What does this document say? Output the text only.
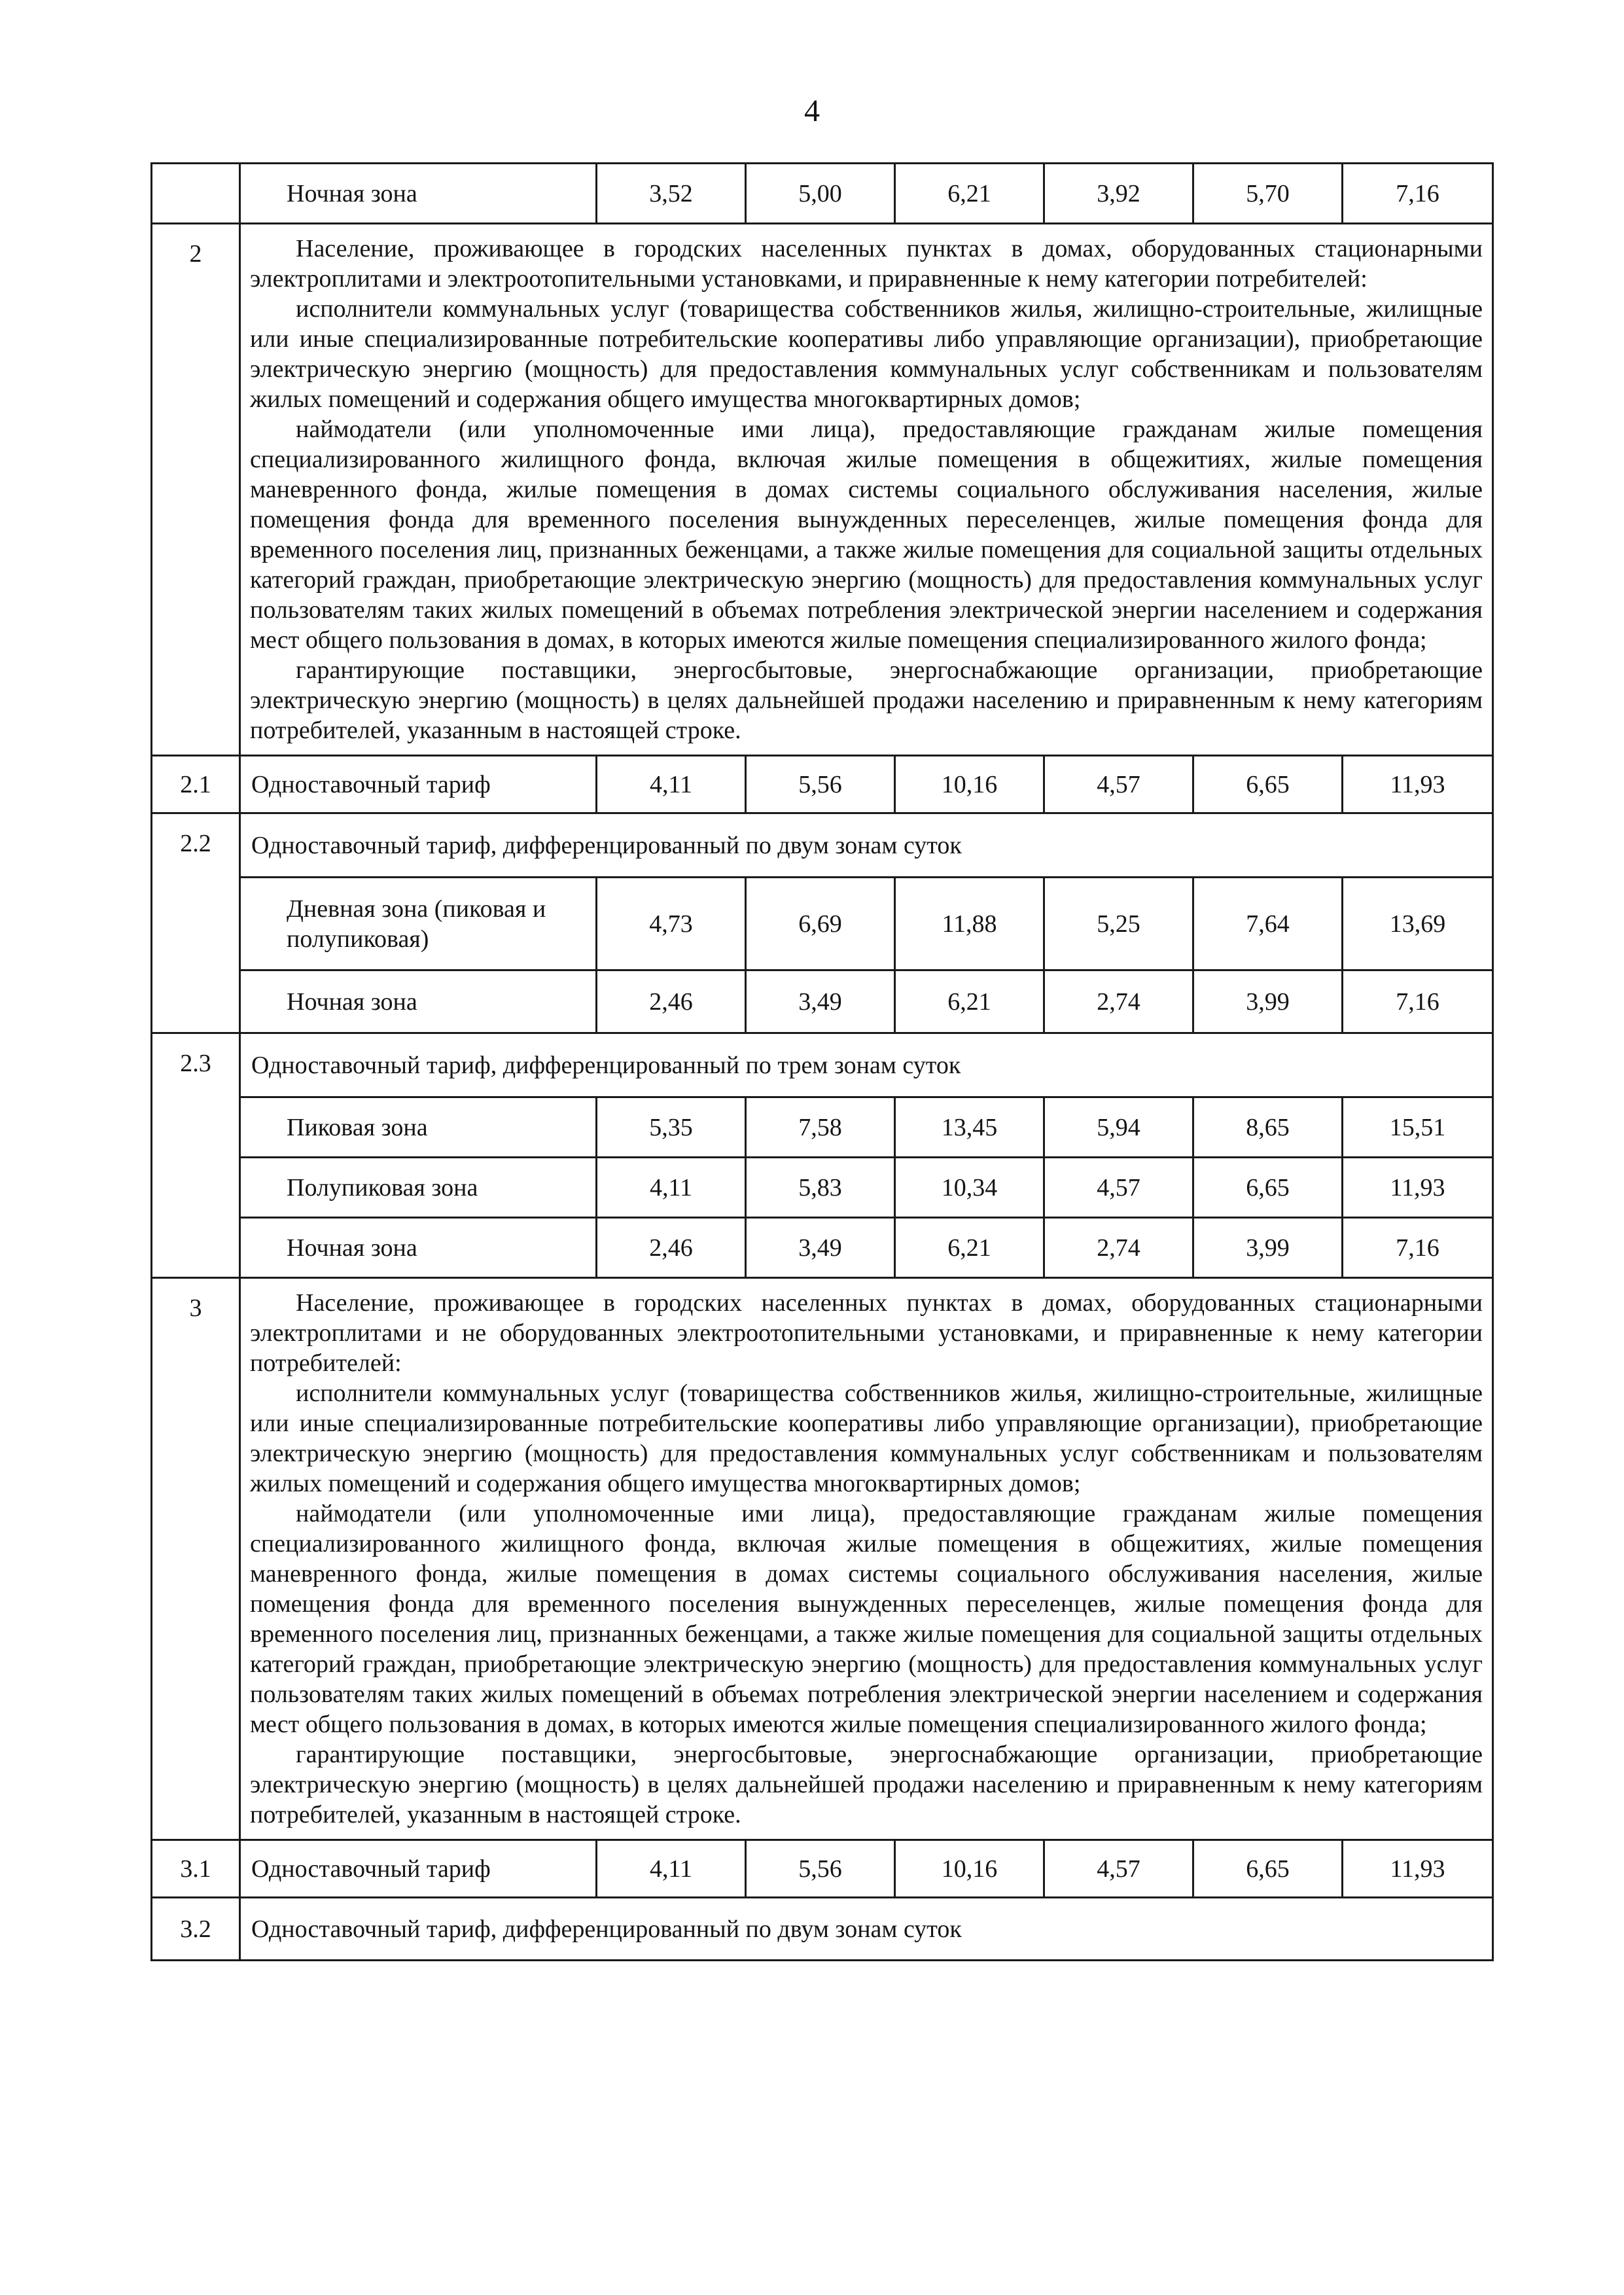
4
	Ночная зона	3,52	5,00	6,21	3,92	5,70	7,16
2	Население, проживающее в городских населенных пунктах в домах, оборудованных стационарными электроплитами и электроотопительными установками, и приравненные к нему категории потребителей:

исполнители коммунальных услуг (товарищества собственников жилья, жилищно-строительные, жилищные или иные специализированные потребительские кооперативы либо управляющие организации), приобретающие электрическую энергию (мощность) для предоставления коммунальных услуг собственникам и пользователям жилых помещений и содержания общего имущества многоквартирных домов;

наймодатели (или уполномоченные ими лица), предоставляющие гражданам жилые помещения специализированного жилищного фонда, включая жилые помещения в общежитиях, жилые помещения маневренного фонда, жилые помещения в домах системы социального обслуживания населения, жилые помещения фонда для временного поселения вынужденных переселенцев, жилые помещения фонда для временного поселения лиц, признанных беженцами, а также жилые помещения для социальной защиты отдельных категорий граждан, приобретающие электрическую энергию (мощность) для предоставления коммунальных услуг пользователям таких жилых помещений в объемах потребления электрической энергии населением и содержания мест общего пользования в домах, в которых имеются жилые помещения специализированного жилого фонда;

гарантирующие поставщики, энергосбытовые, энергоснабжающие организации, приобретающие электрическую энергию (мощность) в целях дальнейшей продажи населению и приравненным к нему категориям потребителей, указанным в настоящей строке.						

2.1	Одноставочный тариф	4,11	5,56	10,16	4,57	6,65	11,93
2.2	Одноставочный тариф, дифференцированный по двум зонам суток						
	Дневная зона (пиковая и полупиковая)	4,73	6,69	11,88	5,25	7,64	13,69
	Ночная зона	2,46	3,49	6,21	2,74	3,99	7,16
2.3	Одноставочный тариф, дифференцированный по трем зонам суток						
	Пиковая зона	5,35	7,58	13,45	5,94	8,65	15,51
	Полупиковая зона	4,11	5,83	10,34	4,57	6,65	11,93
	Ночная зона	2,46	3,49	6,21	2,74	3,99	7,16
3	Население, проживающее в городских населенных пунктах в домах, оборудованных стационарными электроплитами и не оборудованных электроотопительными установками, и приравненные к нему категории потребителей:

исполнители коммунальных услуг (товарищества собственников жилья, жилищно-строительные, жилищные или иные специализированные потребительские кооперативы либо управляющие организации), приобретающие электрическую энергию (мощность) для предоставления коммунальных услуг собственникам и пользователям жилых помещений и содержания общего имущества многоквартирных домов;

наймодатели (или уполномоченные ими лица), предоставляющие гражданам жилые помещения специализированного жилищного фонда, включая жилые помещения в общежитиях, жилые помещения маневренного фонда, жилые помещения в домах системы социального обслуживания населения, жилые помещения фонда для временного поселения вынужденных переселенцев, жилые помещения фонда для временного поселения лиц, признанных беженцами, а также жилые помещения для социальной защиты отдельных категорий граждан, приобретающие электрическую энергию (мощность) для предоставления коммунальных услуг пользователям таких жилых помещений в объемах потребления электрической энергии населением и содержания мест общего пользования в домах, в которых имеются жилые помещения специализированного жилого фонда;

гарантирующие поставщики, энергосбытовые, энергоснабжающие организации, приобретающие электрическую энергию (мощность) в целях дальнейшей продажи населению и приравненным к нему категориям потребителей, указанным в настоящей строке.						

3.1	Одноставочный тариф	4,11	5,56	10,16	4,57	6,65	11,93
3.2	Одноставочный тариф, дифференцированный по двум зонам суток						
